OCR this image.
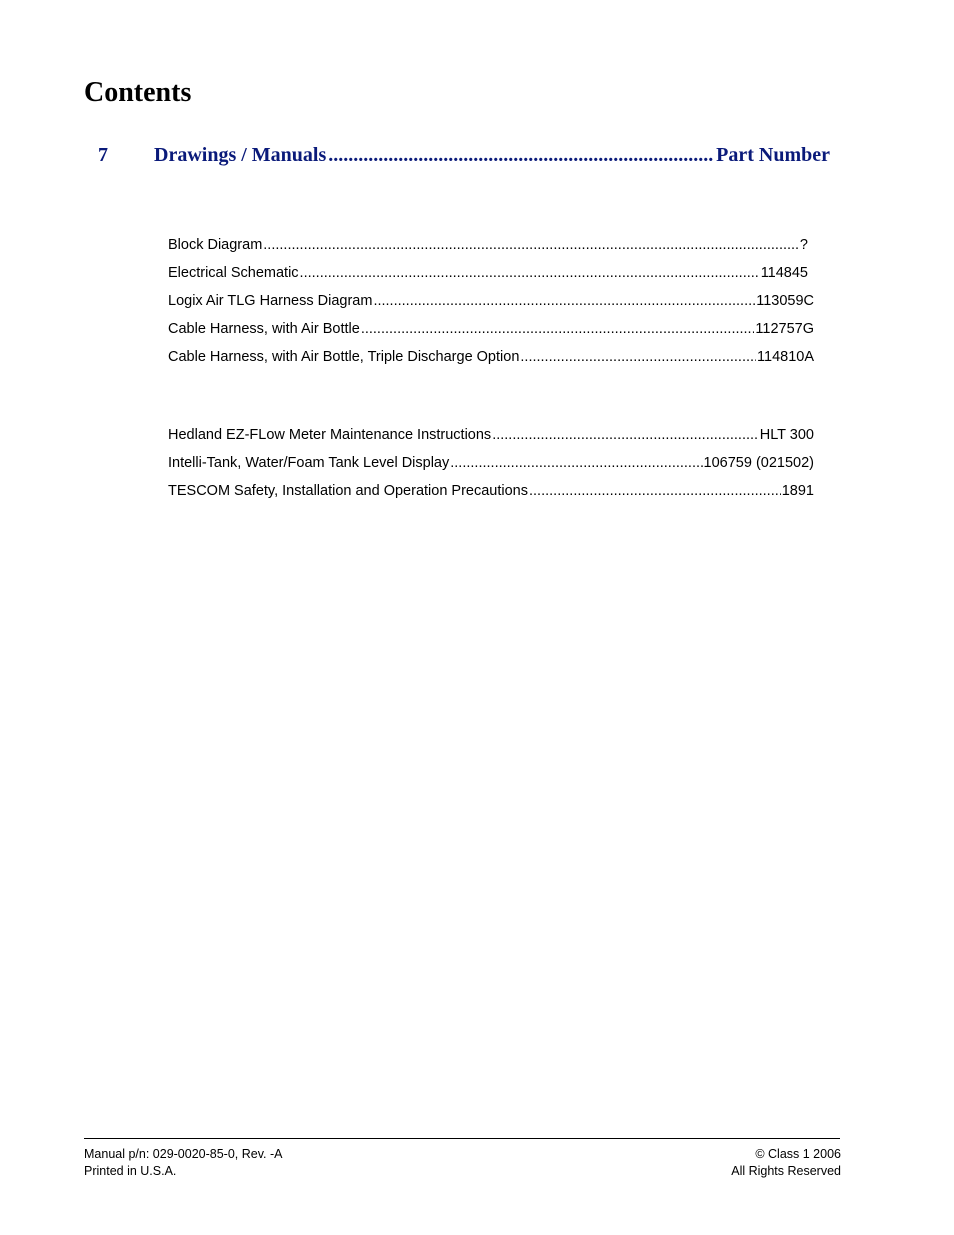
Contents
7	Drawings / Manuals .....	Part Number
Block Diagram .....	?
Electrical Schematic .....	114845
Logix Air TLG Harness Diagram .....	113059C
Cable Harness, with Air Bottle .....	112757G
Cable Harness, with Air Bottle, Triple Discharge Option .....	114810A
Hedland EZ-FLow Meter Maintenance Instructions .....	HLT 300
Intelli-Tank, Water/Foam Tank Level Display .....	106759 (021502)
TESCOM Safety, Installation and Operation Precautions .....	1891
Manual p/n: 029-0020-85-0, Rev. -A
Printed in U.S.A.
© Class 1 2006
All Rights Reserved
